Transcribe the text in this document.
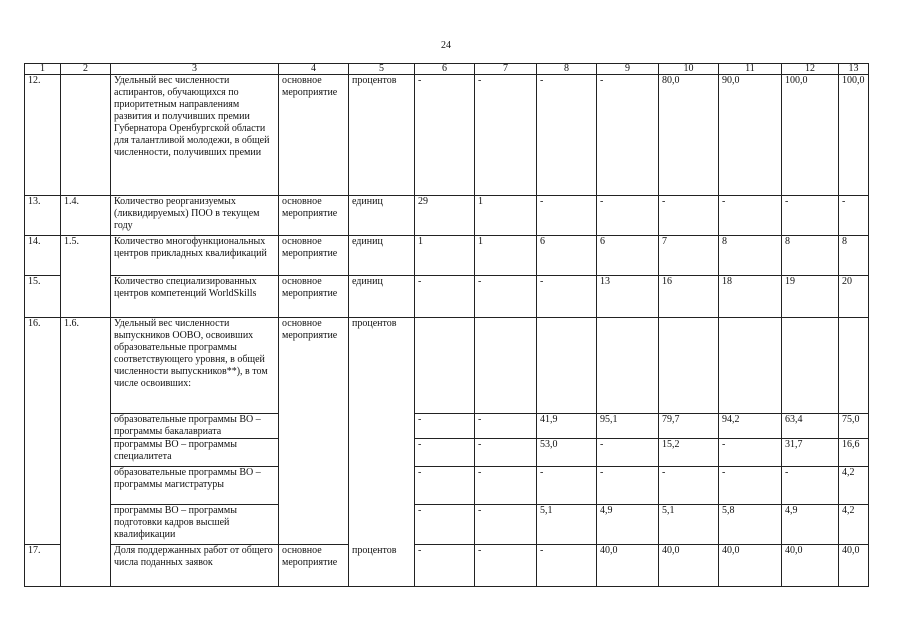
24
1	2	3	4	5	6	7	8	9	10	11	12	13
12.		Удельный вес численности аспирантов, обучающихся по приоритетным направлениям развития и получивших премии Губернатора Оренбургской области для талантливой молодежи, в общей численности, получивших премии	основное мероприятие	процентов	-	-	-	-	80,0	90,0	100,0	100,0
13.	1.4.	Количество реорганизуемых (ликвидируемых) ПОО в текущем году	основное мероприятие	единиц	29	1	-	-	-	-	-	-
14.	1.5.	Количество многофункциональных центров прикладных квалификаций	основное мероприятие	единиц	1	1	6	6	7	8	8	8
15.		Количество специализированных центров компетенций WorldSkills	основное мероприятие	единиц	-	-	-	13	16	18	19	20
16.	1.6.	Удельный вес численности выпускников ООВО, освоивших образовательные программы соответствующего уровня, в общей численности выпускников**), в том числе освоивших:	основное мероприятие	процентов								
		образовательные программы ВО – программы бакалавриата			-	-	41,9	95,1	79,7	94,2	63,4	75,0
		программы ВО – программы специалитета			-	-	53,0	-	15,2	-	31,7	16,6
		образовательные программы ВО – программы магистратуры			-	-	-	-	-	-	-	4,2
		программы ВО – программы подготовки кадров высшей квалификации			-	-	5,1	4,9	5,1	5,8	4,9	4,2
17.		Доля поддержанных работ от общего числа поданных заявок	основное мероприятие	процентов	-	-	-	40,0	40,0	40,0	40,0	40,0
